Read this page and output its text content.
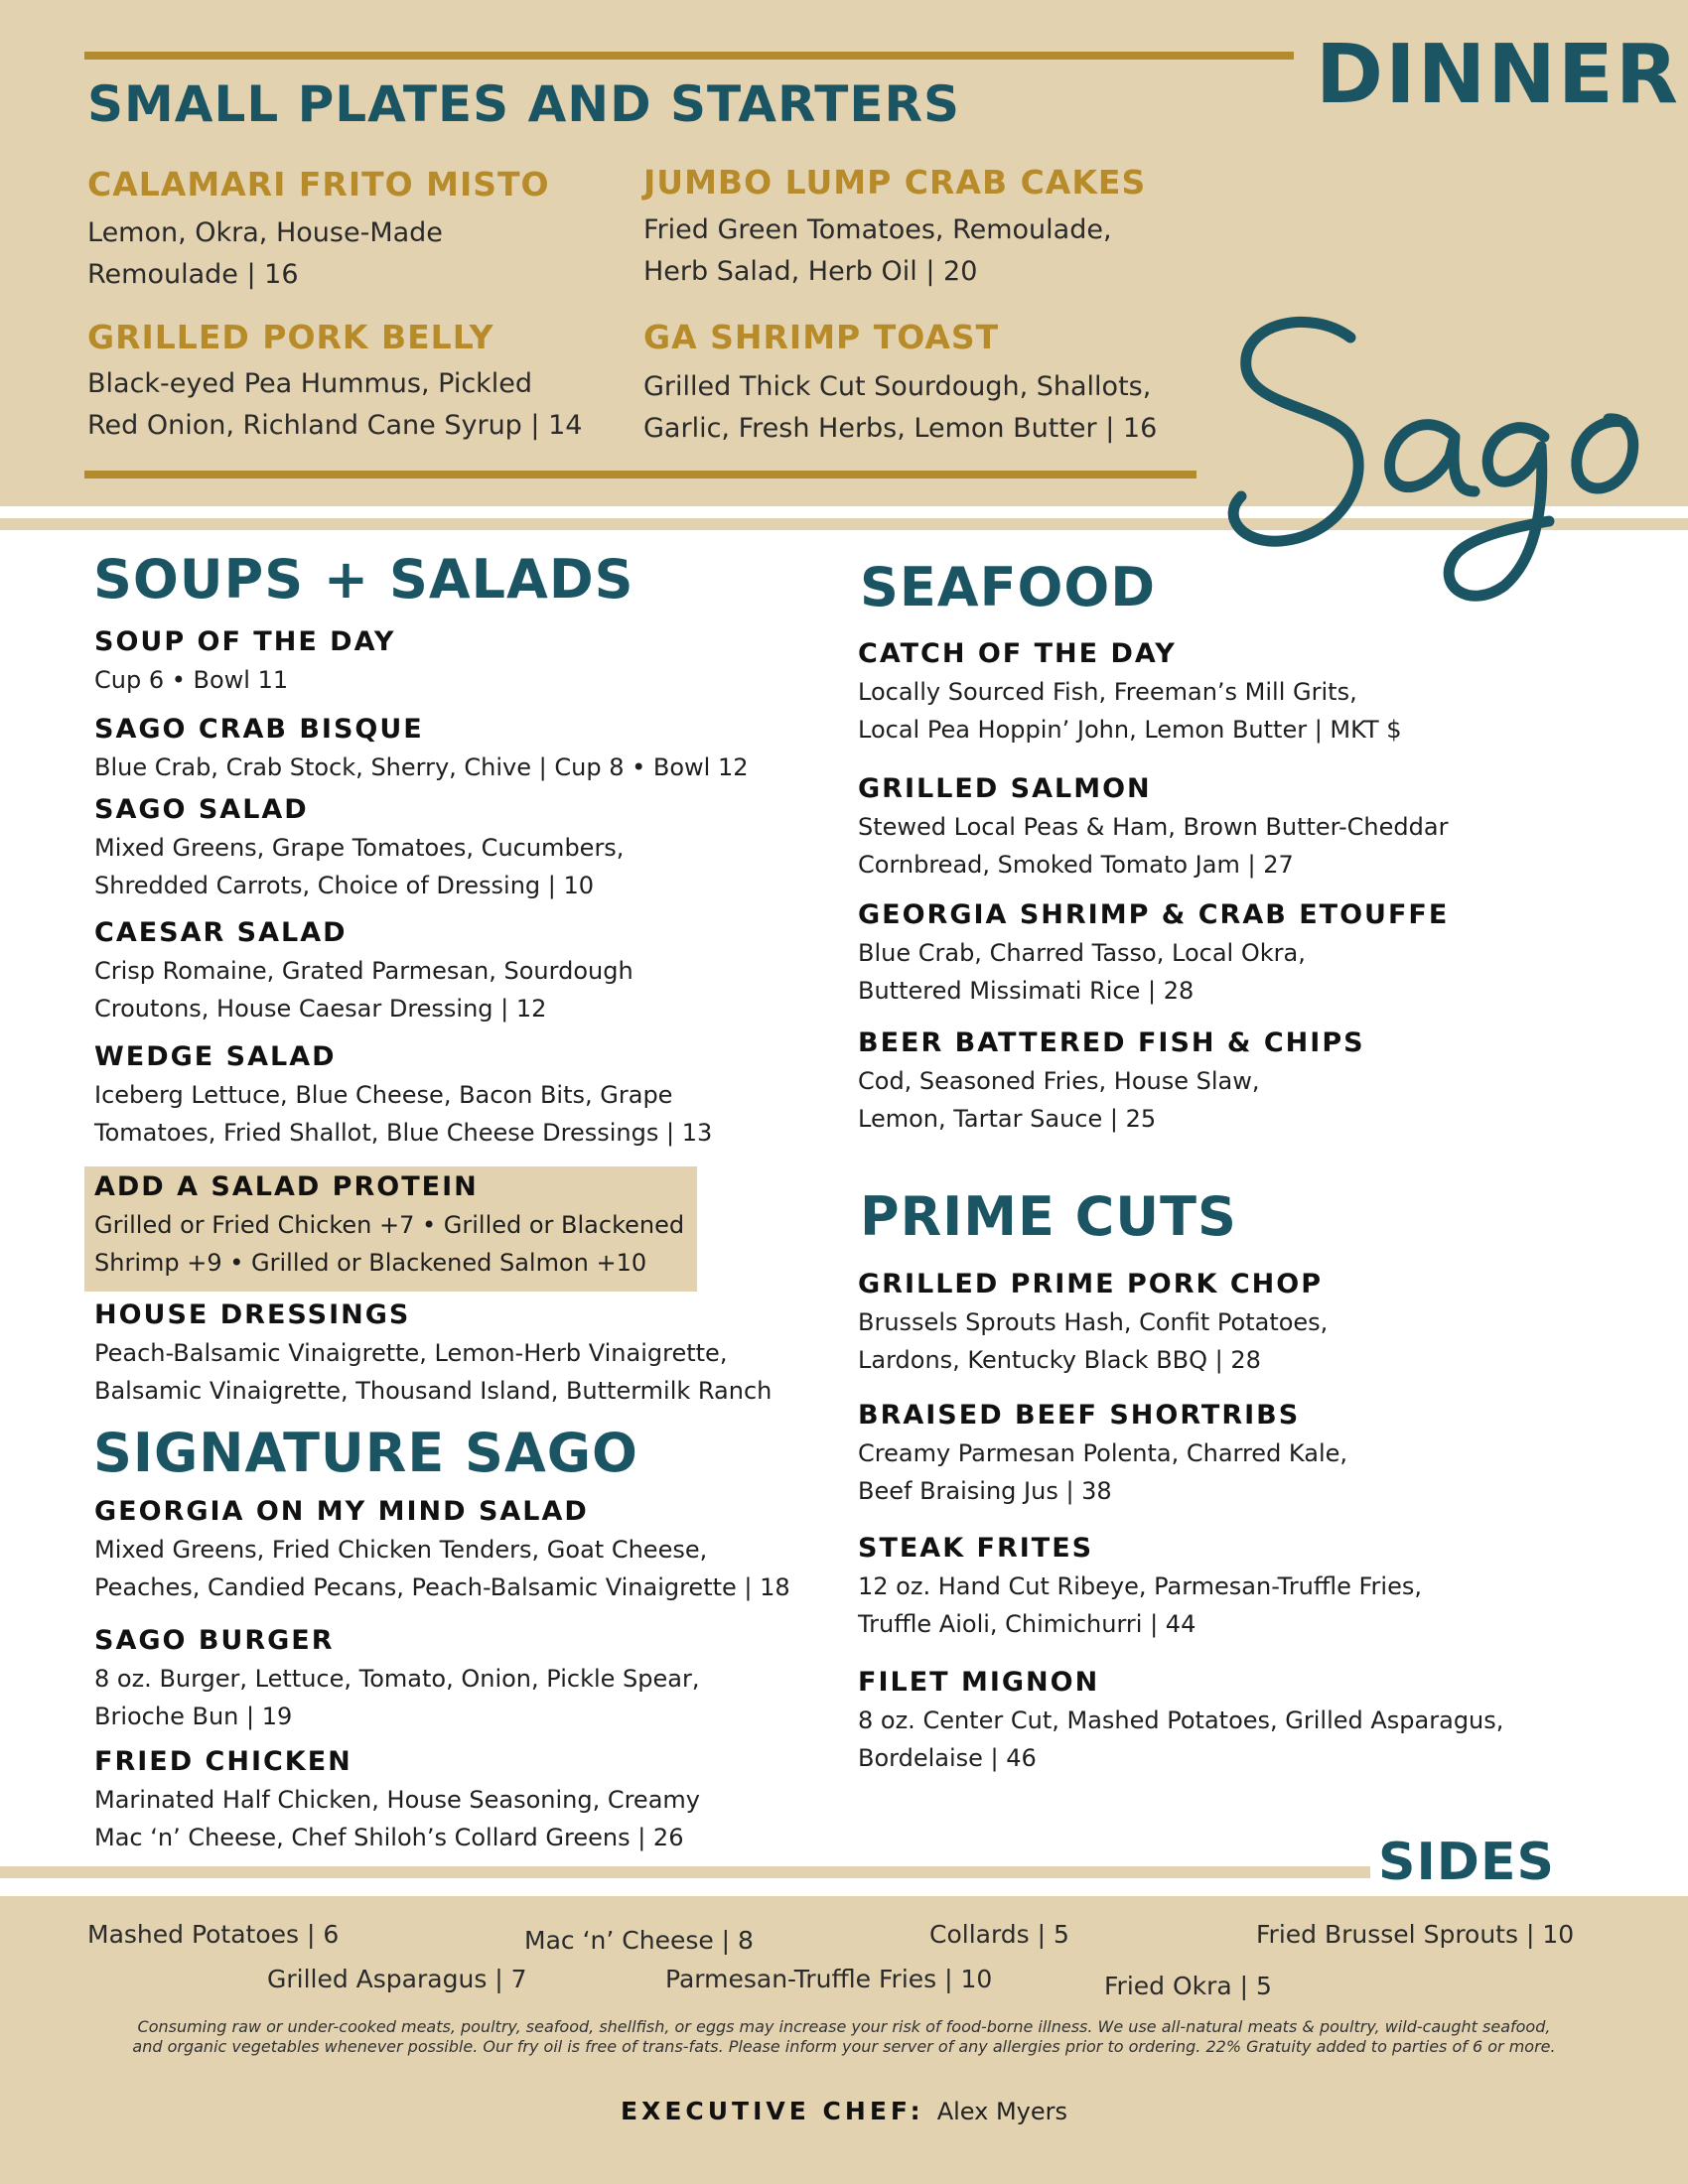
DINNER
SMALL PLATES AND STARTERS
CALAMARI FRITO MISTO
Lemon, Okra, House-Made
Remoulade | 16
JUMBO LUMP CRAB CAKES
Fried Green Tomatoes, Remoulade,
Herb Salad, Herb Oil | 20
GRILLED PORK BELLY
Black-eyed Pea Hummus, Pickled
Red Onion, Richland Cane Syrup | 14
GA SHRIMP TOAST
Grilled Thick Cut Sourdough, Shallots,
Garlic, Fresh Herbs, Lemon Butter | 16
SOUPS + SALADS
SOUP OF THE DAY
Cup 6 • Bowl 11
SAGO CRAB BISQUE
Blue Crab, Crab Stock, Sherry, Chive | Cup 8 • Bowl 12
SAGO SALAD
Mixed Greens, Grape Tomatoes, Cucumbers,
Shredded Carrots, Choice of Dressing | 10
CAESAR SALAD
Crisp Romaine, Grated Parmesan, Sourdough
Croutons, House Caesar Dressing | 12
WEDGE SALAD
Iceberg Lettuce, Blue Cheese, Bacon Bits, Grape
Tomatoes, Fried Shallot, Blue Cheese Dressings | 13
ADD A SALAD PROTEIN
Grilled or Fried Chicken +7 • Grilled or Blackened
Shrimp +9 • Grilled or Blackened Salmon +10
HOUSE DRESSINGS
Peach-Balsamic Vinaigrette, Lemon-Herb Vinaigrette,
Balsamic Vinaigrette, Thousand Island, Buttermilk Ranch
SIGNATURE SAGO
GEORGIA ON MY MIND SALAD
Mixed Greens, Fried Chicken Tenders, Goat Cheese,
Peaches, Candied Pecans, Peach-Balsamic Vinaigrette | 18
SAGO BURGER
8 oz. Burger, Lettuce, Tomato, Onion, Pickle Spear,
Brioche Bun | 19
FRIED CHICKEN
Marinated Half Chicken, House Seasoning, Creamy
Mac ‘n’ Cheese, Chef Shiloh’s Collard Greens | 26
SEAFOOD
CATCH OF THE DAY
Locally Sourced Fish, Freeman’s Mill Grits,
Local Pea Hoppin’ John, Lemon Butter | MKT $
GRILLED SALMON
Stewed Local Peas & Ham, Brown Butter-Cheddar
Cornbread, Smoked Tomato Jam | 27
GEORGIA SHRIMP & CRAB ETOUFFE
Blue Crab, Charred Tasso, Local Okra,
Buttered Missimati Rice | 28
BEER BATTERED FISH & CHIPS
Cod, Seasoned Fries, House Slaw,
Lemon, Tartar Sauce | 25
PRIME CUTS
GRILLED PRIME PORK CHOP
Brussels Sprouts Hash, Confit Potatoes,
Lardons, Kentucky Black BBQ | 28
BRAISED BEEF SHORTRIBS
Creamy Parmesan Polenta, Charred Kale,
Beef Braising Jus | 38
STEAK FRITES
12 oz. Hand Cut Ribeye, Parmesan-Truffle Fries,
Truffle Aioli, Chimichurri | 44
FILET MIGNON
8 oz. Center Cut, Mashed Potatoes, Grilled Asparagus,
Bordelaise | 46
SIDES
Mashed Potatoes | 6	Mac ‘n’ Cheese | 8	Collards | 5	Fried Brussel Sprouts | 10
Grilled Asparagus | 7	Parmesan-Truffle Fries | 10	Fried Okra | 5
Consuming raw or under-cooked meats, poultry, seafood, shellfish, or eggs may increase your risk of food-borne illness. We use all-natural meats & poultry, wild-caught seafood,
and organic vegetables whenever possible. Our fry oil is free of trans-fats. Please inform your server of any allergies prior to ordering. 22% Gratuity added to parties of 6 or more.
EXECUTIVE CHEF: Alex Myers
